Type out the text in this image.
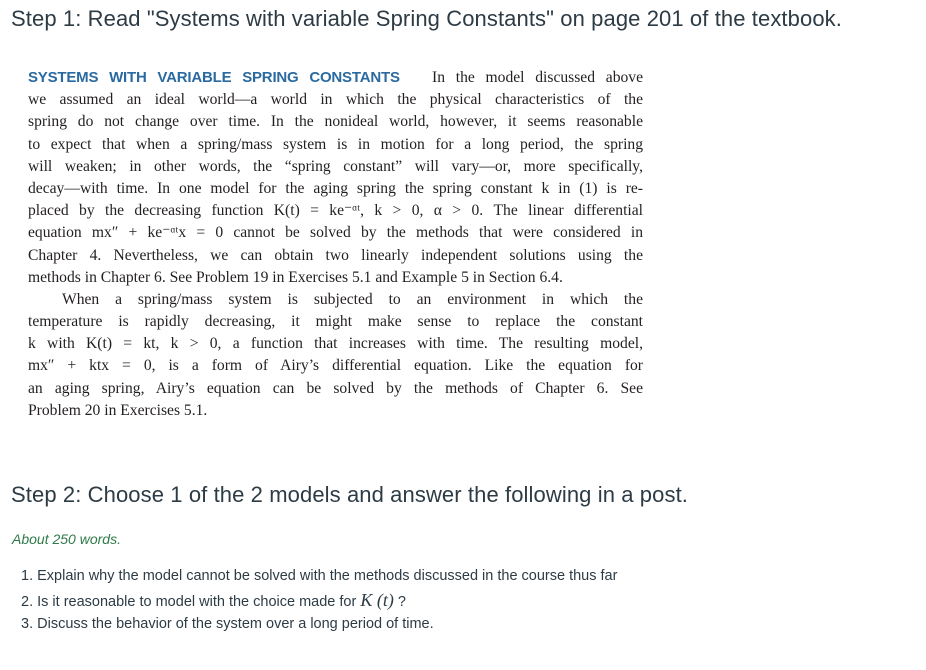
Step 1: Read "Systems with variable Spring Constants" on page 201 of the textbook.
SYSTEMS WITH VARIABLE SPRING CONSTANTS In the model discussed above
we assumed an ideal world—a world in which the physical characteristics of the
spring do not change over time. In the nonideal world, however, it seems reasonable
to expect that when a spring/mass system is in motion for a long period, the spring
will weaken; in other words, the “spring constant” will vary—or, more specifically,
decay—with time. In one model for the aging spring the spring constant k in (1) is re-
placed by the decreasing function K(t) = ke⁻ᵅᵗ, k > 0, α > 0. The linear differential
equation mx″ + ke⁻ᵅᵗx = 0 cannot be solved by the methods that were considered in
Chapter 4. Nevertheless, we can obtain two linearly independent solutions using the
methods in Chapter 6. See Problem 19 in Exercises 5.1 and Example 5 in Section 6.4.
When a spring/mass system is subjected to an environment in which the
temperature is rapidly decreasing, it might make sense to replace the constant
k with K(t) = kt, k > 0, a function that increases with time. The resulting model,
mx″ + ktx = 0, is a form of Airy’s differential equation. Like the equation for
an aging spring, Airy’s equation can be solved by the methods of Chapter 6. See
Problem 20 in Exercises 5.1.
Step 2: Choose 1 of the 2 models and answer the following in a post.

About 250 words.

1. Explain why the model cannot be solved with the methods discussed in the course thus far
2. Is it reasonable to model with the choice made for K (t) ?
3. Discuss the behavior of the system over a long period of time.
